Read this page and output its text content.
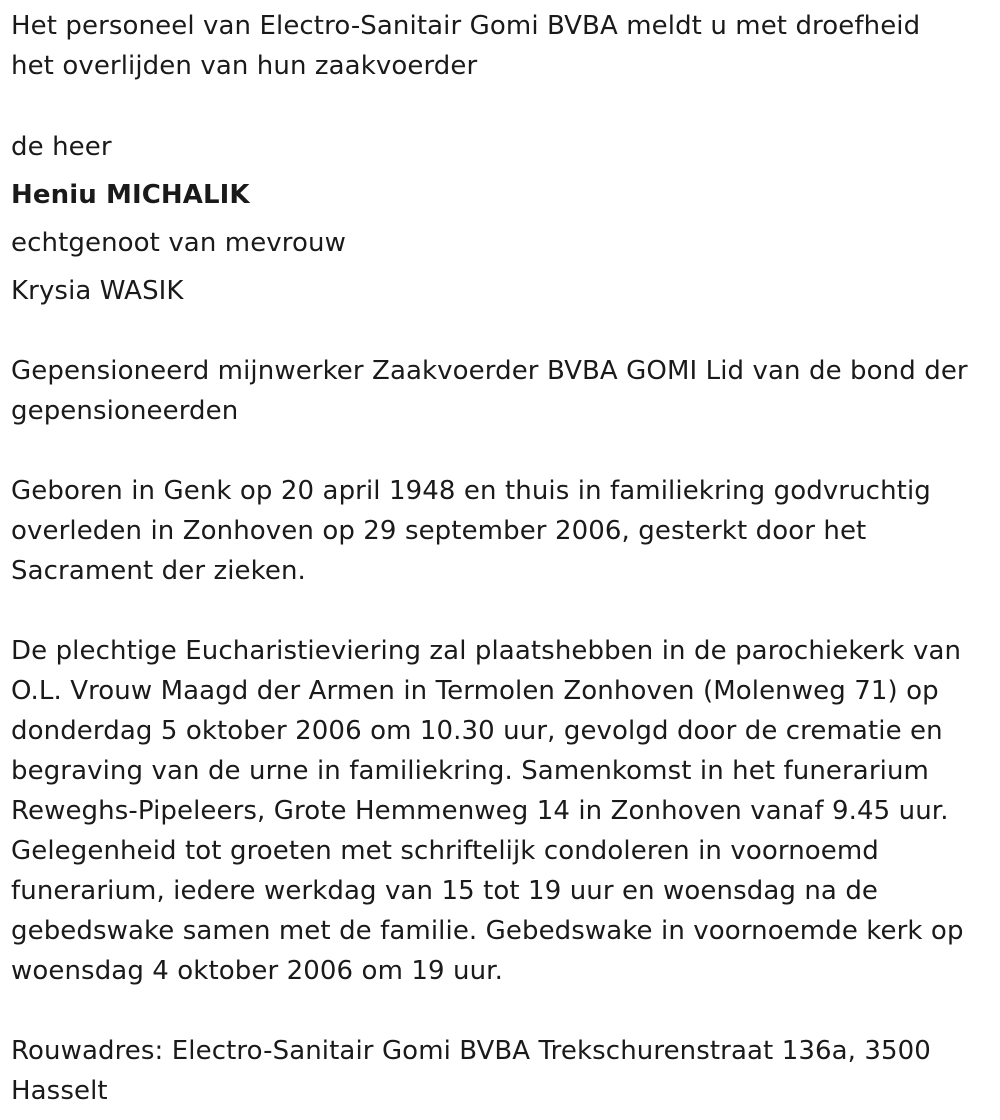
Het personeel van Electro-Sanitair Gomi BVBA meldt u met droefheid
het overlijden van hun zaakvoerder

de heer

Heniu MICHALIK

echtgenoot van mevrouw

Krysia WASIK

Gepensioneerd mijnwerker Zaakvoerder BVBA GOMI Lid van de bond der
gepensioneerden

Geboren in Genk op 20 april 1948 en thuis in familiekring godvruchtig
overleden in Zonhoven op 29 september 2006, gesterkt door het
Sacrament der zieken.

De plechtige Eucharistieviering zal plaatshebben in de parochiekerk van
O.L. Vrouw Maagd der Armen in Termolen Zonhoven (Molenweg 71) op
donderdag 5 oktober 2006 om 10.30 uur, gevolgd door de crematie en
begraving van de urne in familiekring. Samenkomst in het funerarium
Reweghs-Pipeleers, Grote Hemmenweg 14 in Zonhoven vanaf 9.45 uur.
Gelegenheid tot groeten met schriftelijk condoleren in voornoemd
funerarium, iedere werkdag van 15 tot 19 uur en woensdag na de
gebedswake samen met de familie. Gebedswake in voornoemde kerk op
woensdag 4 oktober 2006 om 19 uur.

Rouwadres: Electro-Sanitair Gomi BVBA Trekschurenstraat 136a, 3500
Hasselt
